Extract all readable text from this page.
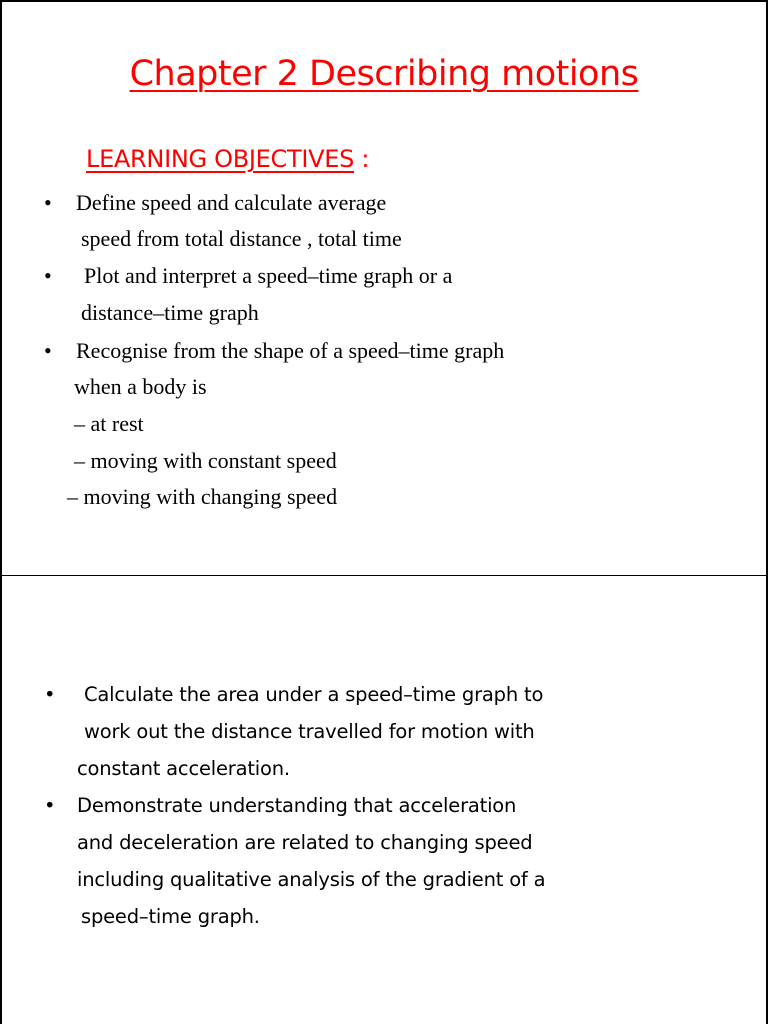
Chapter 2 Describing motions
LEARNING OBJECTIVES :
• Define speed and calculate average
speed from total distance , total time
• Plot and interpret a speed–time graph or a
distance–time graph
• Recognise from the shape of a speed–time graph
when a body is
– at rest
– moving with constant speed
– moving with changing speed
• Calculate the area under a speed–time graph to
work out the distance travelled for motion with
constant acceleration.
• Demonstrate understanding that acceleration
and deceleration are related to changing speed
including qualitative analysis of the gradient of a
speed–time graph.
